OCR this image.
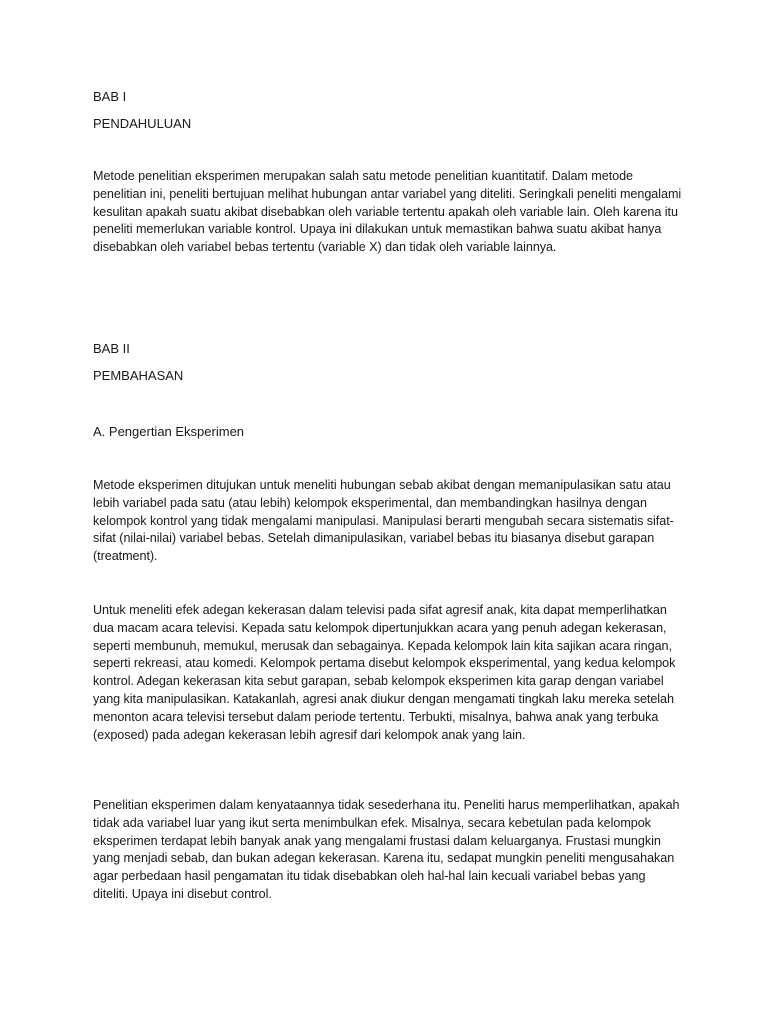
BAB I

PENDAHULUAN

Metode penelitian eksperimen merupakan salah satu metode penelitian kuantitatif. Dalam metode penelitian ini, peneliti bertujuan melihat hubungan antar variabel yang diteliti. Seringkali peneliti mengalami kesulitan apakah suatu akibat disebabkan oleh variable tertentu apakah oleh variable lain. Oleh karena itu peneliti memerlukan variable kontrol. Upaya ini dilakukan untuk memastikan bahwa suatu akibat hanya disebabkan oleh variabel bebas tertentu (variable X) dan tidak oleh variable lainnya.

BAB II

PEMBAHASAN

A. Pengertian Eksperimen

Metode eksperimen ditujukan untuk meneliti hubungan sebab akibat dengan memanipulasikan satu atau lebih variabel pada satu (atau lebih) kelompok eksperimental, dan membandingkan hasilnya dengan kelompok kontrol yang tidak mengalami manipulasi. Manipulasi berarti mengubah secara sistematis sifat-sifat (nilai-nilai) variabel bebas. Setelah dimanipulasikan, variabel bebas itu biasanya disebut garapan (treatment).

Untuk meneliti efek adegan kekerasan dalam televisi pada sifat agresif anak, kita dapat memperlihatkan dua macam acara televisi. Kepada satu kelompok dipertunjukkan acara yang penuh adegan kekerasan, seperti membunuh, memukul, merusak dan sebagainya. Kepada kelompok lain kita sajikan acara ringan, seperti rekreasi, atau komedi. Kelompok pertama disebut kelompok eksperimental, yang kedua kelompok kontrol. Adegan kekerasan kita sebut garapan, sebab kelompok eksperimen kita garap dengan variabel yang kita manipulasikan. Katakanlah, agresi anak diukur dengan mengamati tingkah laku mereka setelah menonton acara televisi tersebut dalam periode tertentu. Terbukti, misalnya, bahwa anak yang terbuka (exposed) pada adegan kekerasan lebih agresif dari kelompok anak yang lain.

Penelitian eksperimen dalam kenyataannya tidak sesederhana itu. Peneliti harus memperlihatkan, apakah tidak ada variabel luar yang ikut serta menimbulkan efek. Misalnya, secara kebetulan pada kelompok eksperimen terdapat lebih banyak anak yang mengalami frustasi dalam keluarganya. Frustasi mungkin yang menjadi sebab, dan bukan adegan kekerasan. Karena itu, sedapat mungkin peneliti mengusahakan agar perbedaan hasil pengamatan itu tidak disebabkan oleh hal-hal lain kecuali variabel bebas yang diteliti. Upaya ini disebut control.
